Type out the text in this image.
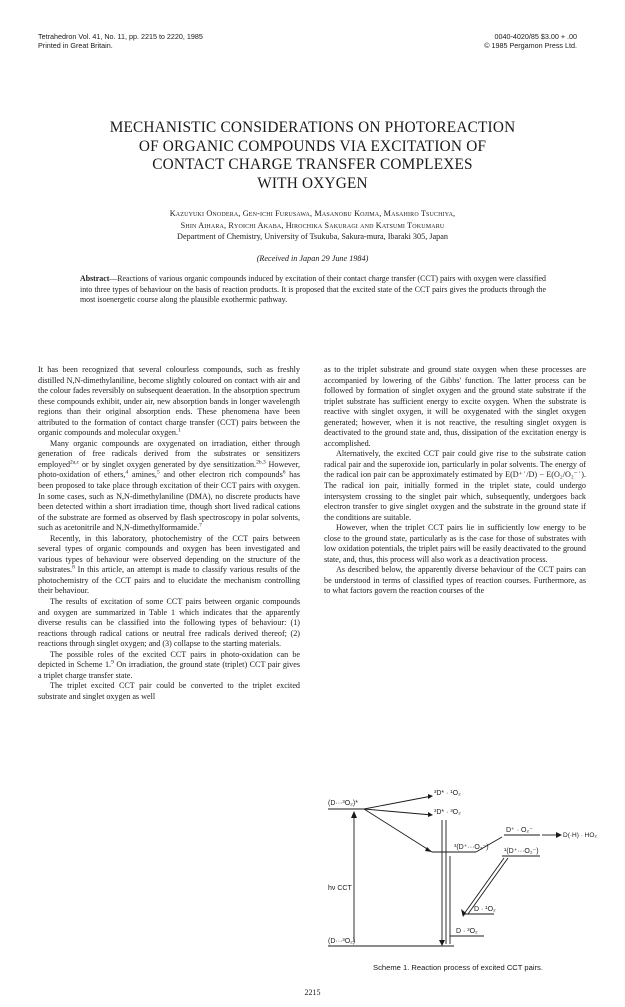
Tetrahedron Vol. 41, No. 11, pp. 2215 to 2220, 1985
Printed in Great Britain.
0040-4020/85 $3.00 + .00
© 1985 Pergamon Press Ltd.
MECHANISTIC CONSIDERATIONS ON PHOTOREACTION
OF ORGANIC COMPOUNDS VIA EXCITATION OF
CONTACT CHARGE TRANSFER COMPLEXES
WITH OXYGEN
Kazuyuki Onodera, Gen-ichi Furusawa, Masanobu Kojima, Masahiro Tsuchiya,
Shin Aihara, Ryoichi Akaba, Hirochika Sakuragi and Katsumi Tokumaru
Department of Chemistry, University of Tsukuba, Sakura-mura, Ibaraki 305, Japan
(Received in Japan 29 June 1984)
Abstract—Reactions of various organic compounds induced by excitation of their contact charge transfer (CCT) pairs with oxygen were classified into three types of behaviour on the basis of reaction products. It is proposed that the excited state of the CCT pairs gives the products through the most isoenergetic course along the plausible exothermic pathway.

It has been recognized that several colourless compounds, such as freshly distilled N,N-dimethylaniline, become slightly coloured on contact with air and the colour fades reversibly on subsequent deaeration. In the absorption spectrum these compounds exhibit, under air, new absorption bands in longer wavelength regions than their original absorption ends. These phenomena have been attributed to the formation of contact charge transfer (CCT) pairs between the organic compounds and molecular oxygen.$^1$

Many organic compounds are oxygenated on irradiation, either through generation of free radicals derived from the substrates or sensitizers employed$^{2a,c}$ or by singlet oxygen generated by dye sensitization.$^{2b,3}$ However, photo-oxidation of ethers,$^4$ amines,$^5$ and other electron rich compounds$^6$ has been proposed to take place through excitation of their CCT pairs with oxygen. In some cases, such as N,N-dimethylaniline (DMA), no discrete products have been detected within a short irradiation time, though short lived radical cations of the substrate are formed as observed by flash spectroscopy in polar solvents, such as acetonitrile and N,N-dimethylformamide.$^7$

Recently, in this laboratory, photochemistry of the CCT pairs between several types of organic compounds and oxygen has been investigated and various types of behaviour were observed depending on the structure of the substrates.$^8$ In this article, an attempt is made to classify various results of the photochemistry of the CCT pairs and to elucidate the mechanism controlling their behaviour.

The results of excitation of some CCT pairs between organic compounds and oxygen are summarized in Table 1 which indicates that the apparently diverse results can be classified into the following types of behaviour: (1) reactions through radical cations or neutral free radicals derived thereof; (2) reactions through singlet oxygen; and (3) collapse to the starting materials.

The possible roles of the excited CCT pairs in photo-oxidation can be depicted in Scheme 1.$^9$ On irradiation, the ground state (triplet) CCT pair gives a triplet charge transfer state.

The triplet excited CCT pair could be converted to the triplet excited substrate and singlet oxygen as well

as to the triplet substrate and ground state oxygen when these processes are accompanied by lowering of the Gibbs' function. The latter process can be followed by formation of singlet oxygen and the ground state substrate if the triplet substrate has sufficient energy to excite oxygen. When the substrate is reactive with singlet oxygen, it will be oxygenated with the singlet oxygen generated; however, when it is not reactive, the resulting singlet oxygen is deactivated to the ground state and, thus, dissipation of the excitation energy is accomplished.

Alternatively, the excited CCT pair could give rise to the substrate cation radical pair and the superoxide ion, particularly in polar solvents. The energy of the radical ion pair can be approximately estimated by E(D⁺˙/D) − E(O₂/O₂⁻˙). The radical ion pair, initially formed in the triplet state, could undergo intersystem crossing to the singlet pair which, subsequently, undergoes back electron transfer to give singlet oxygen and the substrate in the ground state if the conditions are suitable.

However, when the triplet CCT pairs lie in sufficiently low energy to be close to the ground state, particularly as is the case for those of substrates with low oxidation potentials, the triplet pairs will be easily deactivated to the ground state, and, thus, this process will also work as a deactivation process.

As described below, the apparently diverse behaviour of the CCT pairs can be understood in terms of classified types of reaction courses. Furthermore, as to what factors govern the reaction courses of the

(D···³O₂)*
³D* · ¹O₂
³D* · ³O₂
D⁺ · O₂⁻
D(·H) · HO₂
³(D⁺···O₂⁻)
¹(D⁺···O₂⁻)
hν CCT
D · ¹O₂
D · ³O₂
(D···³O₂)
Scheme 1. Reaction process of excited CCT pairs.
2215
